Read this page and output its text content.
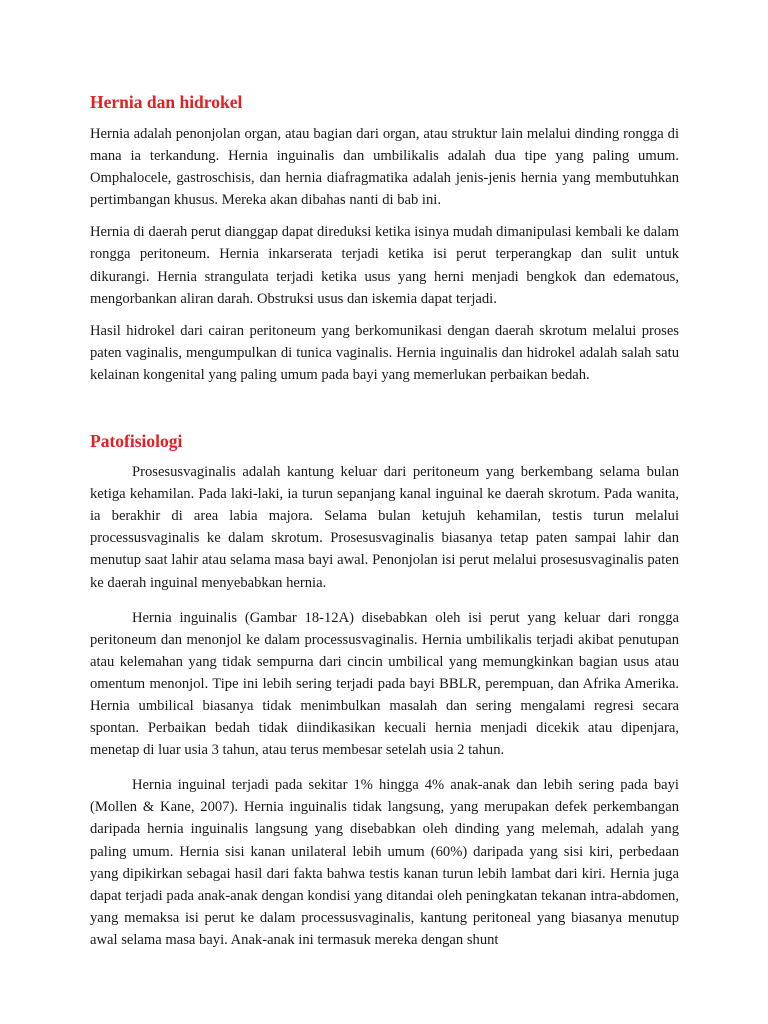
Hernia dan hidrokel

Hernia adalah penonjolan organ, atau bagian dari organ, atau struktur lain melalui dinding rongga di mana ia terkandung. Hernia inguinalis dan umbilikalis adalah dua tipe yang paling umum. Omphalocele, gastroschisis, dan hernia diafragmatika adalah jenis-jenis hernia yang membutuhkan pertimbangan khusus. Mereka akan dibahas nanti di bab ini.

Hernia di daerah perut dianggap dapat direduksi ketika isinya mudah dimanipulasi kembali ke dalam rongga peritoneum. Hernia inkarserata terjadi ketika isi perut terperangkap dan sulit untuk dikurangi. Hernia strangulata terjadi ketika usus yang herni menjadi bengkok dan edematous, mengorbankan aliran darah. Obstruksi usus dan iskemia dapat terjadi.

Hasil hidrokel dari cairan peritoneum yang berkomunikasi dengan daerah skrotum melalui proses paten vaginalis, mengumpulkan di tunica vaginalis. Hernia inguinalis dan hidrokel adalah salah satu kelainan kongenital yang paling umum pada bayi yang memerlukan perbaikan bedah.

Patofisiologi

Prosesusvaginalis adalah kantung keluar dari peritoneum yang berkembang selama bulan ketiga kehamilan. Pada laki-laki, ia turun sepanjang kanal inguinal ke daerah skrotum. Pada wanita, ia berakhir di area labia majora. Selama bulan ketujuh kehamilan, testis turun melalui processusvaginalis ke dalam skrotum. Prosesusvaginalis biasanya tetap paten sampai lahir dan menutup saat lahir atau selama masa bayi awal. Penonjolan isi perut melalui prosesusvaginalis paten ke daerah inguinal menyebabkan hernia.

Hernia inguinalis (Gambar 18-12A) disebabkan oleh isi perut yang keluar dari rongga peritoneum dan menonjol ke dalam processusvaginalis. Hernia umbilikalis terjadi akibat penutupan atau kelemahan yang tidak sempurna dari cincin umbilical yang memungkinkan bagian usus atau omentum menonjol. Tipe ini lebih sering terjadi pada bayi BBLR, perempuan, dan Afrika Amerika. Hernia umbilical biasanya tidak menimbulkan masalah dan sering mengalami regresi secara spontan. Perbaikan bedah tidak diindikasikan kecuali hernia menjadi dicekik atau dipenjara, menetap di luar usia 3 tahun, atau terus membesar setelah usia 2 tahun.

Hernia inguinal terjadi pada sekitar 1% hingga 4% anak-anak dan lebih sering pada bayi (Mollen & Kane, 2007). Hernia inguinalis tidak langsung, yang merupakan defek perkembangan daripada hernia inguinalis langsung yang disebabkan oleh dinding yang melemah, adalah yang paling umum. Hernia sisi kanan unilateral lebih umum (60%) daripada yang sisi kiri, perbedaan yang dipikirkan sebagai hasil dari fakta bahwa testis kanan turun lebih lambat dari kiri. Hernia juga dapat terjadi pada anak-anak dengan kondisi yang ditandai oleh peningkatan tekanan intra-abdomen, yang memaksa isi perut ke dalam processusvaginalis, kantung peritoneal yang biasanya menutup awal selama masa bayi. Anak-anak ini termasuk mereka dengan shunt
